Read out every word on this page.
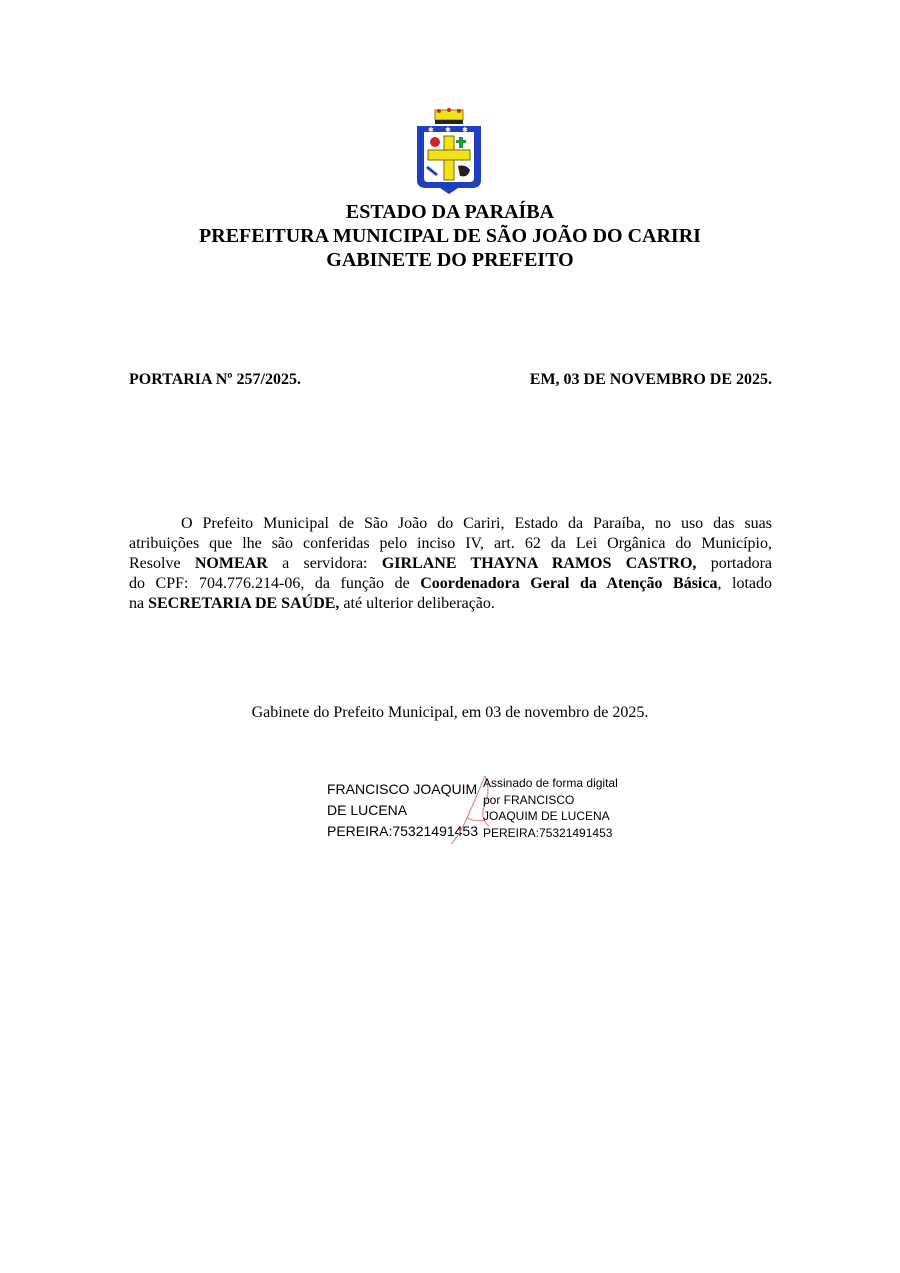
✱ ✱ ✱
ESTADO DA PARAÍBA
PREFEITURA MUNICIPAL DE SÃO JOÃO DO CARIRI
GABINETE DO PREFEITO
PORTARIA Nº 257/2025.	EM, 03 DE NOVEMBRO DE 2025.
O Prefeito Municipal de São João do Cariri, Estado da Paraíba, no uso das suas
atribuições que lhe são conferidas pelo inciso IV, art. 62 da Lei Orgânica do Município,
Resolve NOMEAR a servidora: GIRLANE THAYNA RAMOS CASTRO, portadora
do CPF: 704.776.214-06, da função de Coordenadora Geral da Atenção Básica, lotado
na SECRETARIA DE SAÚDE, até ulterior deliberação.
Gabinete do Prefeito Municipal, em 03 de novembro de 2025.
FRANCISCO JOAQUIM
DE LUCENA
PEREIRA:75321491453
Assinado de forma digital
por FRANCISCO
JOAQUIM DE LUCENA
PEREIRA:75321491453
